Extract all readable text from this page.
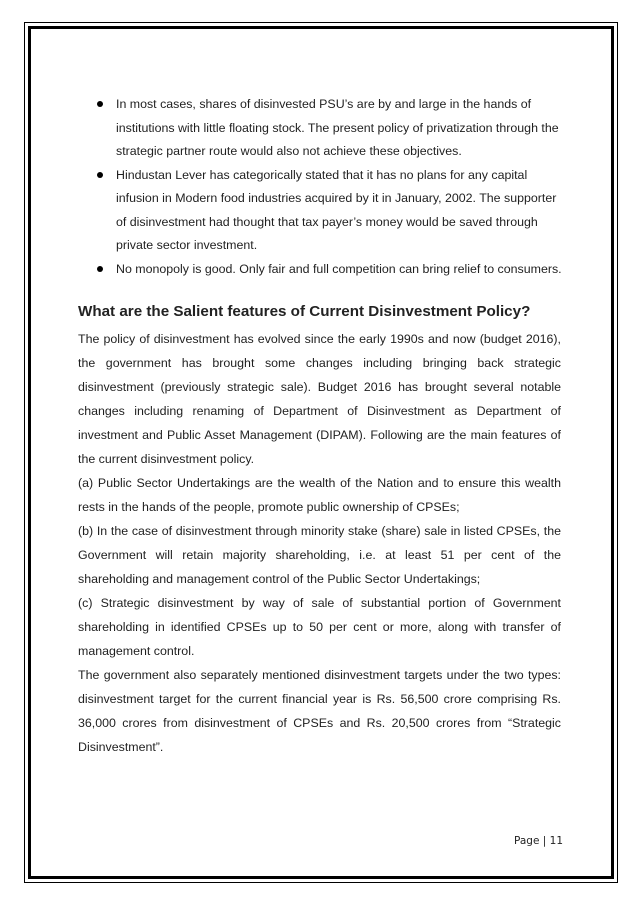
In most cases, shares of disinvested PSU’s are by and large in the hands of institutions with little floating stock. The present policy of privatization through the strategic partner route would also not achieve these objectives.
Hindustan Lever has categorically stated that it has no plans for any capital infusion in Modern food industries acquired by it in January, 2002. The supporter of disinvestment had thought that tax payer’s money would be saved through private sector investment.
No monopoly is good. Only fair and full competition can bring relief to consumers.
What are the Salient features of Current Disinvestment Policy?

The policy of disinvestment has evolved since the early 1990s and now (budget 2016), the government has brought some changes including bringing back strategic disinvestment (previously strategic sale). Budget 2016 has brought several notable changes including renaming of Department of Disinvestment as Department of investment and Public Asset Management (DIPAM). Following are the main features of the current disinvestment policy.

(a) Public Sector Undertakings are the wealth of the Nation and to ensure this wealth rests in the hands of the people, promote public ownership of CPSEs;

(b) In the case of disinvestment through minority stake (share) sale in listed CPSEs, the Government will retain majority shareholding, i.e. at least 51 per cent of the shareholding and management control of the Public Sector Undertakings;

(c) Strategic disinvestment by way of sale of substantial portion of Government shareholding in identified CPSEs up to 50 per cent or more, along with transfer of management control.

The government also separately mentioned disinvestment targets under the two types: disinvestment target for the current financial year is Rs. 56,500 crore comprising Rs. 36,000 crores from disinvestment of CPSEs and Rs. 20,500 crores from “Strategic Disinvestment”.

Page | 11
